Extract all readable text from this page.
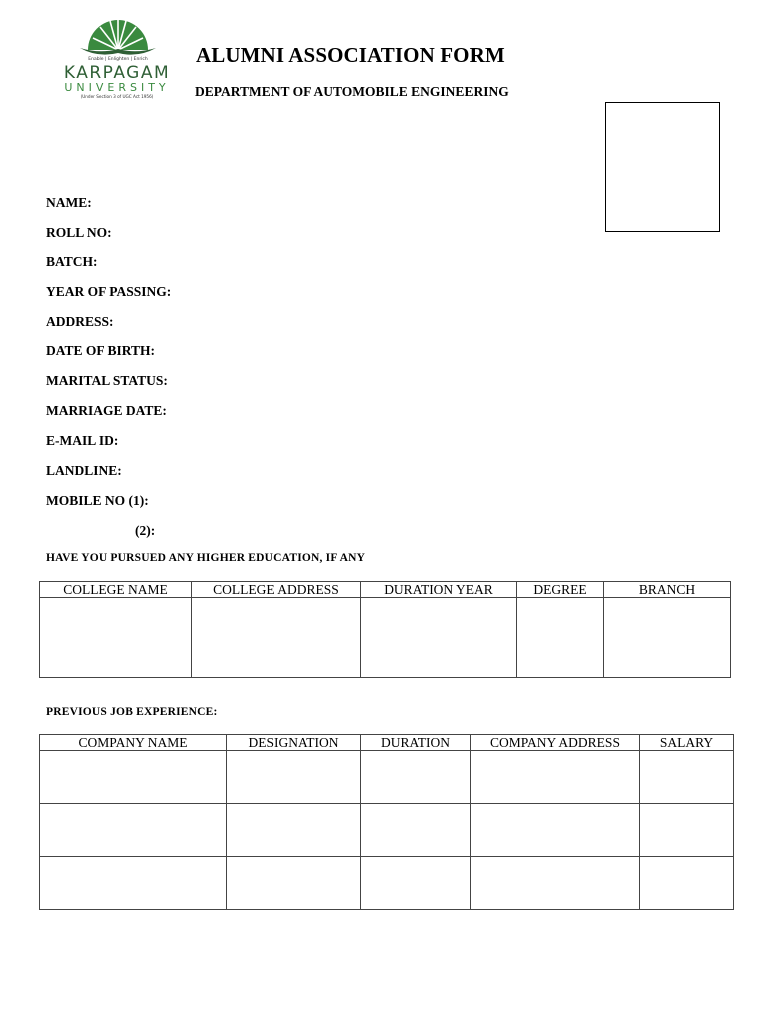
Enable | Enlighten | Enrich
KARPAGAM
UNIVERSITY
(Under Section 3 of UGC Act 1956)
ALUMNI ASSOCIATION FORM
DEPARTMENT OF AUTOMOBILE ENGINEERING
NAME:
ROLL NO:
BATCH:
YEAR OF PASSING:
ADDRESS:
DATE OF BIRTH:
MARITAL STATUS:
MARRIAGE DATE:
E-MAIL ID:
LANDLINE:
MOBILE NO (1):
(2):
HAVE YOU PURSUED ANY HIGHER EDUCATION, IF ANY
COLLEGE NAME	COLLEGE ADDRESS	DURATION YEAR	DEGREE	BRANCH

PREVIOUS JOB EXPERIENCE:
COMPANY NAME	DESIGNATION	DURATION	COMPANY ADDRESS	SALARY
